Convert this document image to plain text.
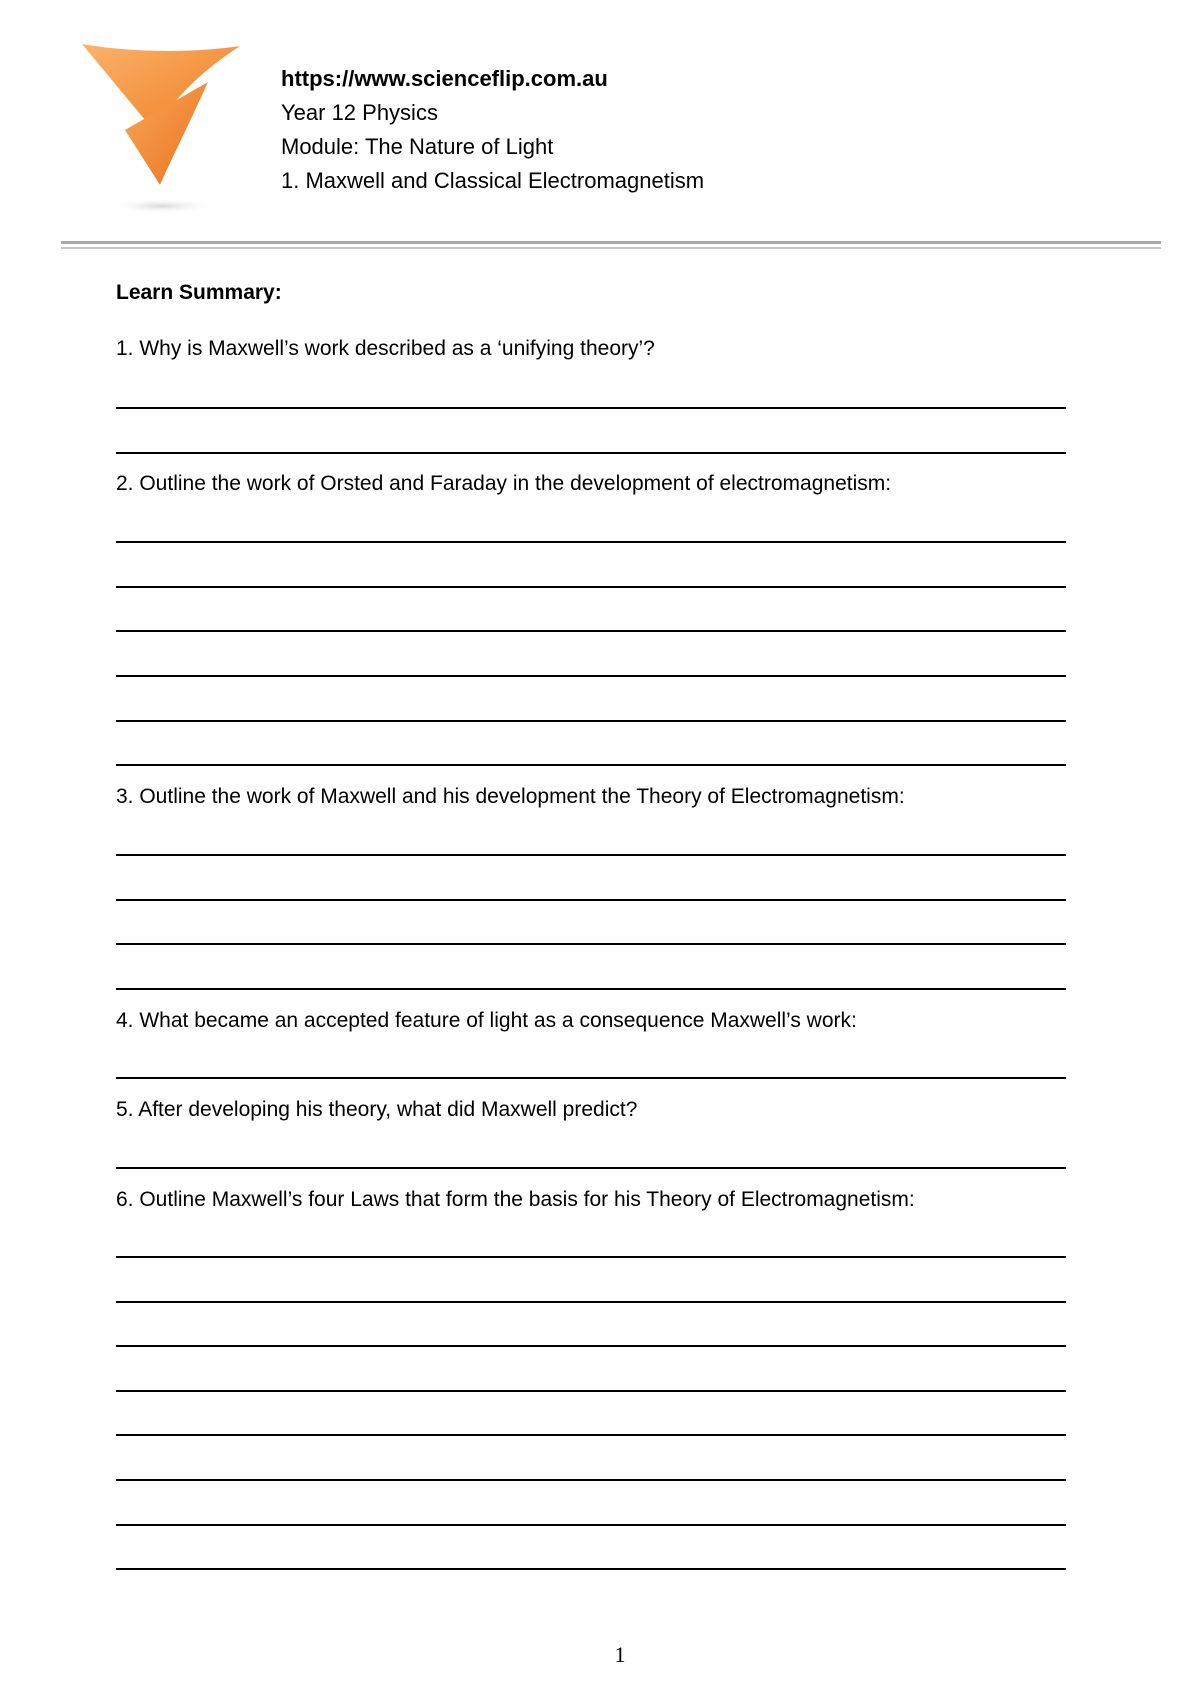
https://www.scienceflip.com.au
Year 12 Physics
Module: The Nature of Light
1. Maxwell and Classical Electromagnetism
Learn Summary:
1. Why is Maxwell’s work described as a ‘unifying theory’?
2. Outline the work of Orsted and Faraday in the development of electromagnetism:
3. Outline the work of Maxwell and his development the Theory of Electromagnetism:
4. What became an accepted feature of light as a consequence Maxwell’s work:
5. After developing his theory, what did Maxwell predict?
6. Outline Maxwell’s four Laws that form the basis for his Theory of Electromagnetism:
1
